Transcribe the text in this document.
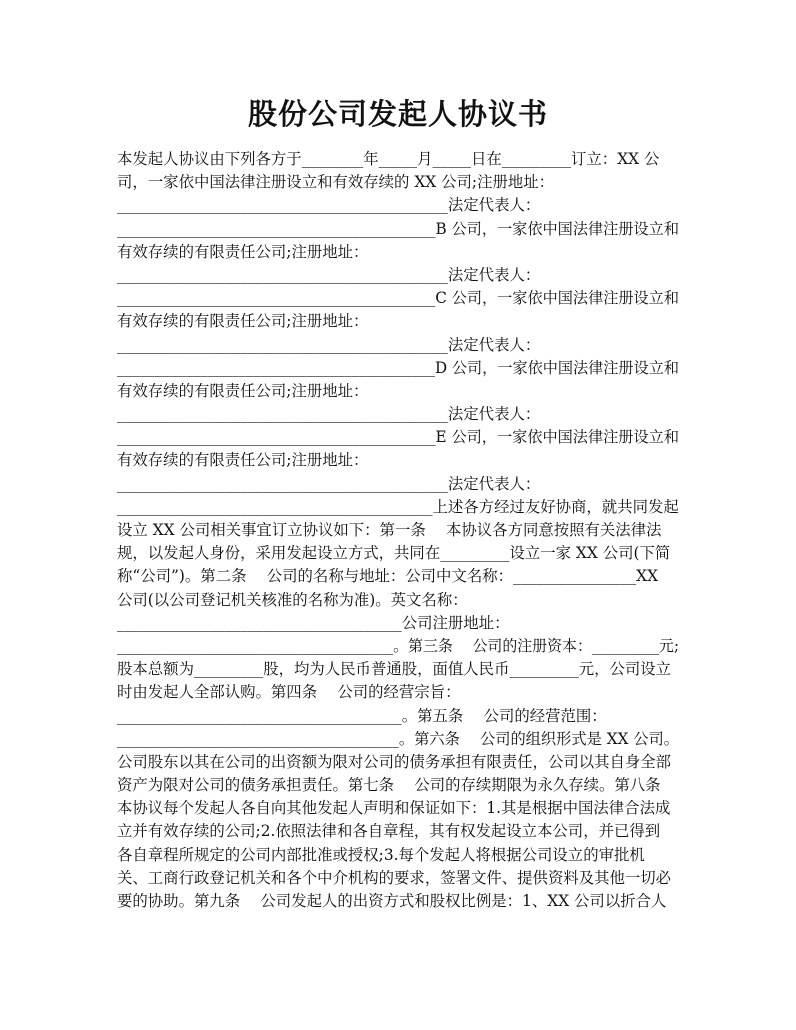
股份公司发起人协议书
本发起人协议由下列各方于________年_____月_____日在_________订立：XX 公
司，一家依中国法律注册设立和有效存续的 XX 公司;注册地址：
___________________________________________法定代表人：
__________________________________________B 公司，一家依中国法律注册设立和
有效存续的有限责任公司;注册地址：
___________________________________________法定代表人：
__________________________________________C 公司，一家依中国法律注册设立和
有效存续的有限责任公司;注册地址：
___________________________________________法定代表人：
__________________________________________D 公司，一家依中国法律注册设立和
有效存续的有限责任公司;注册地址：
___________________________________________法定代表人：
__________________________________________E 公司，一家依中国法律注册设立和
有效存续的有限责任公司;注册地址：
___________________________________________法定代表人：
_________________________________________上述各方经过友好协商，就共同发起
设立 XX 公司相关事宜订立协议如下：第一条　 本协议各方同意按照有关法律法
规，以发起人身份，采用发起设立方式，共同在_________设立一家 XX 公司(下简
称“公司”)。第二条　 公司的名称与地址：公司中文名称：________________XX
公司(以公司登记机关核准的名称为准)。英文名称：
_____________________________________公司注册地址：
_____________________________________。第三条　 公司的注册资本：_________元;
股本总额为_________股，均为人民币普通股，面值人民币_________元，公司设立
时由发起人全部认购。第四条　 公司的经营宗旨：
_____________________________________。第五条　 公司的经营范围：
_____________________________________。第六条　 公司的组织形式是 XX 公司。
公司股东以其在公司的出资额为限对公司的债务承担有限责任，公司以其自身全部
资产为限对公司的债务承担责任。第七条　 公司的存续期限为永久存续。第八条
本协议每个发起人各自向其他发起人声明和保证如下：1.其是根据中国法律合法成
立并有效存续的公司;2.依照法律和各自章程，其有权发起设立本公司，并已得到
各自章程所规定的公司内部批准或授权;3.每个发起人将根据公司设立的审批机
关、工商行政登记机关和各个中介机构的要求，签署文件、提供资料及其他一切必
要的协助。第九条　 公司发起人的出资方式和股权比例是：1、XX 公司以折合人
